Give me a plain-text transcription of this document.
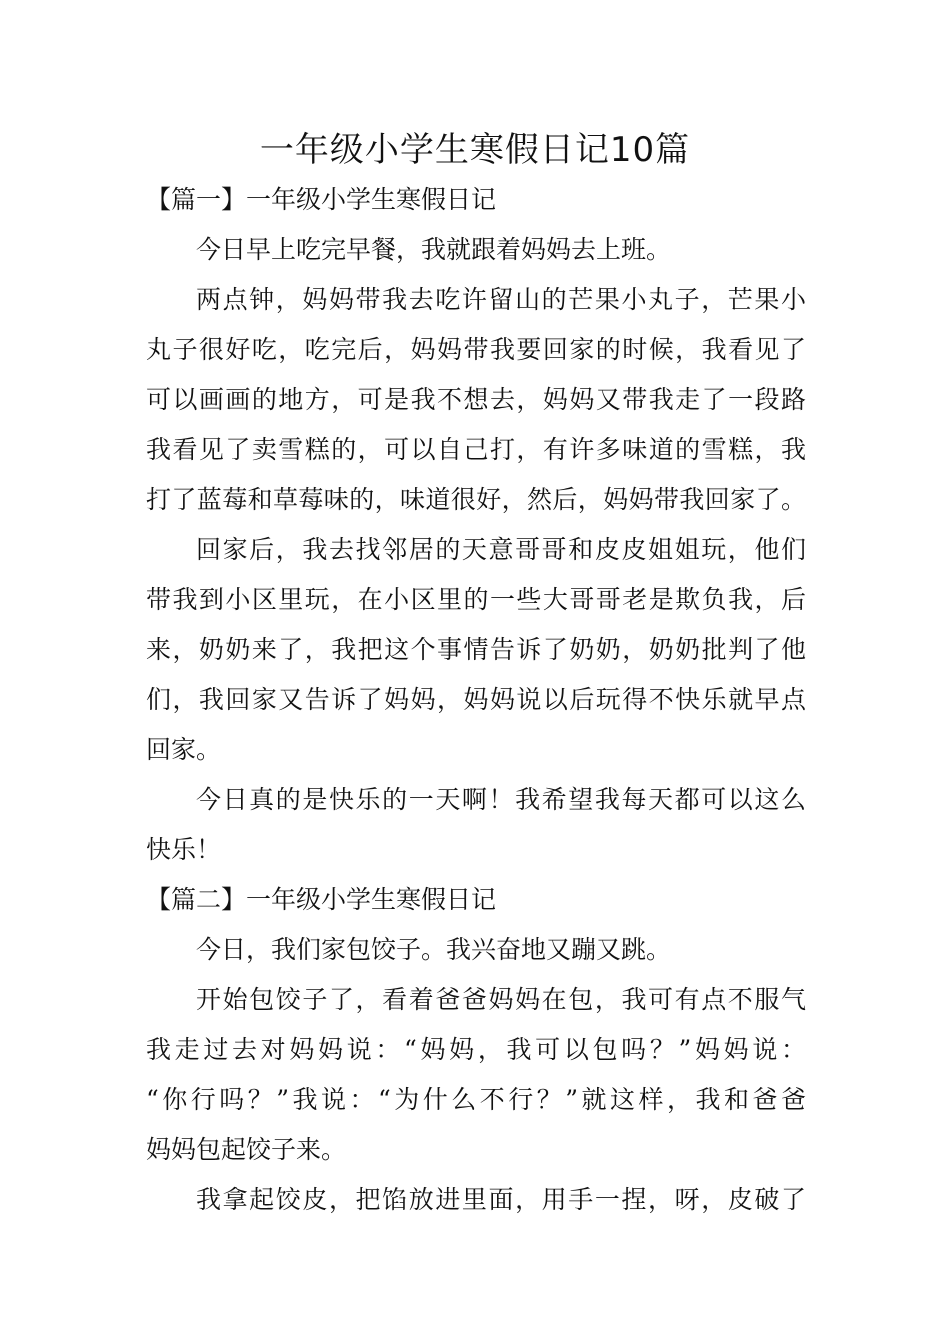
一年级小学生寒假日记10篇
【篇一】一年级小学生寒假日记
今日早上吃完早餐，我就跟着妈妈去上班。
两点钟，妈妈带我去吃许留山的芒果小丸子，芒果小
丸子很好吃，吃完后，妈妈带我要回家的时候，我看见了
可以画画的地方，可是我不想去，妈妈又带我走了一段路
我看见了卖雪糕的，可以自己打，有许多味道的雪糕，我
打了蓝莓和草莓味的，味道很好，然后，妈妈带我回家了。
回家后，我去找邻居的天意哥哥和皮皮姐姐玩，他们
带我到小区里玩，在小区里的一些大哥哥老是欺负我，后
来，奶奶来了，我把这个事情告诉了奶奶，奶奶批判了他
们，我回家又告诉了妈妈，妈妈说以后玩得不快乐就早点
回家。
今日真的是快乐的一天啊！我希望我每天都可以这么
快乐！
【篇二】一年级小学生寒假日记
今日，我们家包饺子。我兴奋地又蹦又跳。
开始包饺子了，看着爸爸妈妈在包，我可有点不服气
我走过去对妈妈说：“妈妈，我可以包吗？”妈妈说：
“你行吗？”我说：“为什么不行？”就这样，我和爸爸
妈妈包起饺子来。
我拿起饺皮，把馅放进里面，用手一捏，呀，皮破了
